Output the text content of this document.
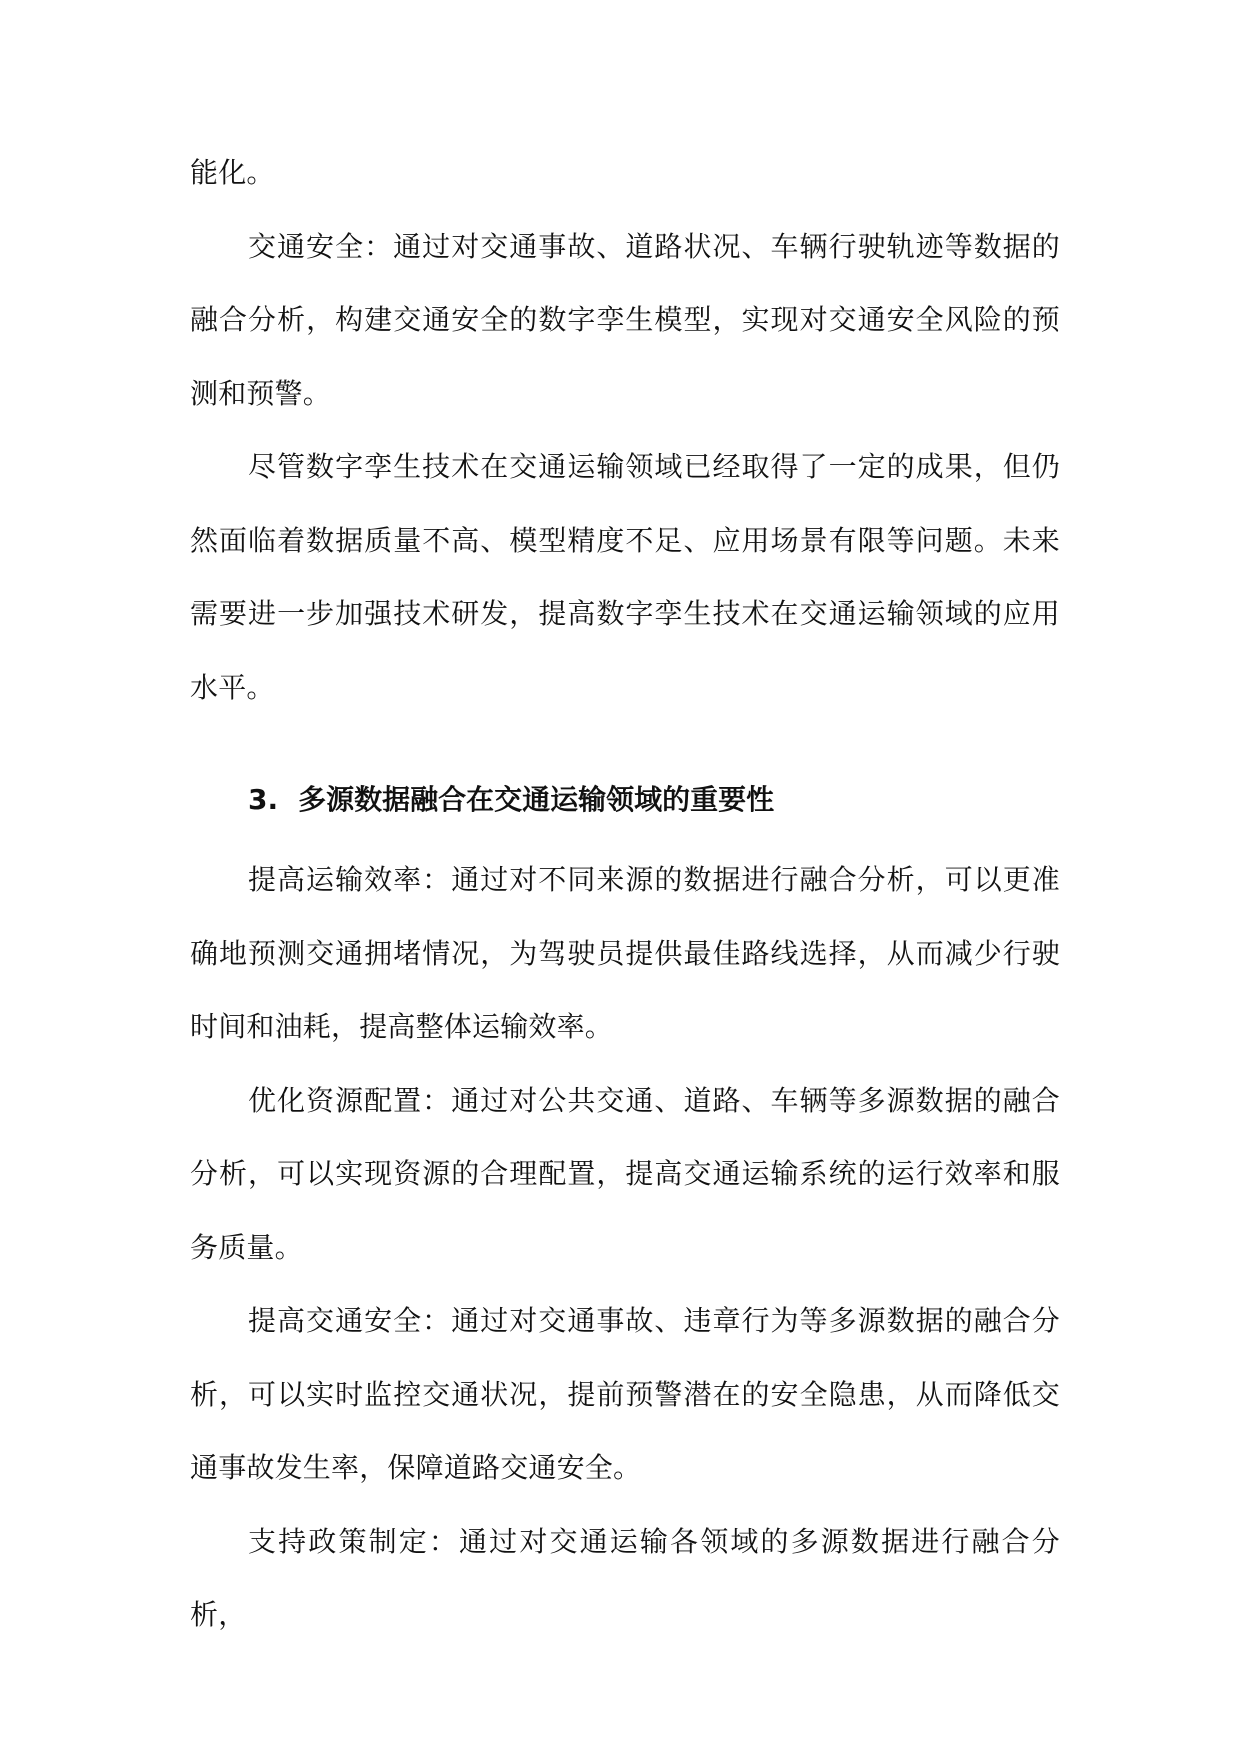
能化。

交通安全：通过对交通事故、道路状况、车辆行驶轨迹等数据的融合分析，构建交通安全的数字孪生模型，实现对交通安全风险的预测和预警。

尽管数字孪生技术在交通运输领域已经取得了一定的成果，但仍然面临着数据质量不高、模型精度不足、应用场景有限等问题。未来需要进一步加强技术研发，提高数字孪生技术在交通运输领域的应用水平。

3. 多源数据融合在交通运输领域的重要性

提高运输效率：通过对不同来源的数据进行融合分析，可以更准确地预测交通拥堵情况，为驾驶员提供最佳路线选择，从而减少行驶时间和油耗，提高整体运输效率。

优化资源配置：通过对公共交通、道路、车辆等多源数据的融合分析，可以实现资源的合理配置，提高交通运输系统的运行效率和服务质量。

提高交通安全：通过对交通事故、违章行为等多源数据的融合分析，可以实时监控交通状况，提前预警潜在的安全隐患，从而降低交通事故发生率，保障道路交通安全。

支持政策制定：通过对交通运输各领域的多源数据进行融合分析，
